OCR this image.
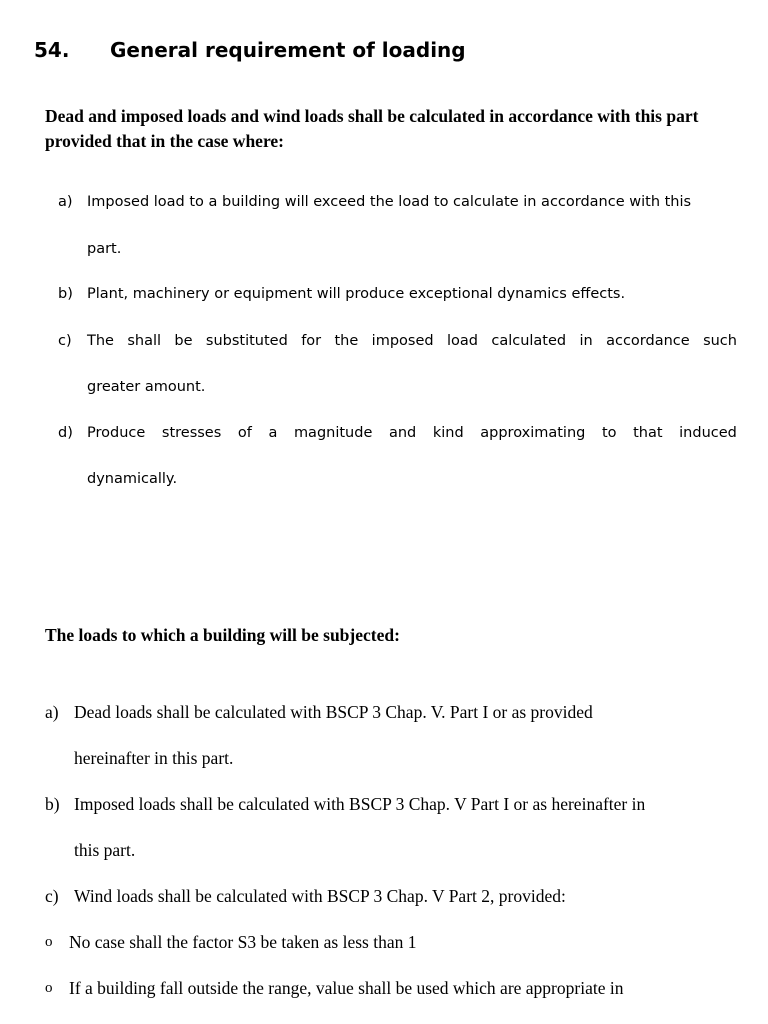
54. General requirement of loading
Dead and imposed loads and wind loads shall be calculated in accordance with this part provided that in the case where:
a) Imposed load to a building will exceed the load to calculate in accordance with this
part.
b) Plant, machinery or equipment will produce exceptional dynamics effects.
c) The shall be substituted for the imposed load calculated in accordance such
greater amount.
d) Produce stresses of a magnitude and kind approximating to that induced
dynamically.
The loads to which a building will be subjected:
a) Dead loads shall be calculated with BSCP 3 Chap. V. Part I or as provided
hereinafter in this part.
b) Imposed loads shall be calculated with BSCP 3 Chap. V Part I or as hereinafter in
this part.
c) Wind loads shall be calculated with BSCP 3 Chap. V Part 2, provided:
o No case shall the factor S3 be taken as less than 1
o If a building fall outside the range, value shall be used which are appropriate in
